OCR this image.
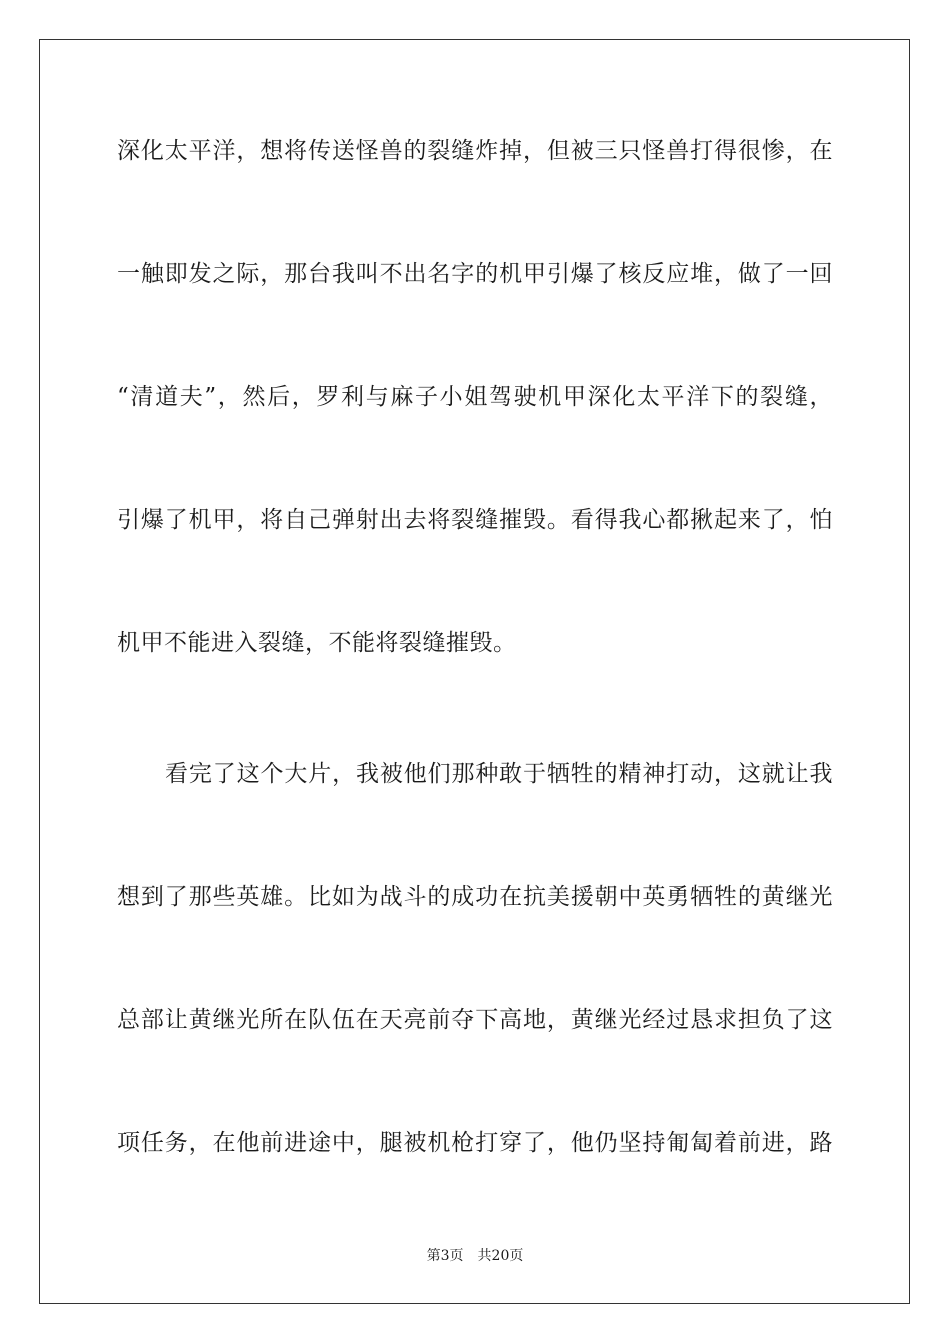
深化太平洋，想将传送怪兽的裂缝炸掉，但被三只怪兽打得很惨，在
一触即发之际，那台我叫不出名字的机甲引爆了核反应堆，做了一回
“清道夫”，然后，罗利与麻子小姐驾驶机甲深化太平洋下的裂缝，
引爆了机甲，将自己弹射出去将裂缝摧毁。看得我心都揪起来了，怕
机甲不能进入裂缝，不能将裂缝摧毁。
看完了这个大片，我被他们那种敢于牺牲的精神打动，这就让我
想到了那些英雄。比如为战斗的成功在抗美援朝中英勇牺牲的黄继光
总部让黄继光所在队伍在天亮前夺下高地，黄继光经过恳求担负了这
项任务，在他前进途中，腿被机枪打穿了，他仍坚持匍匐着前进，路
第3页 共20页
